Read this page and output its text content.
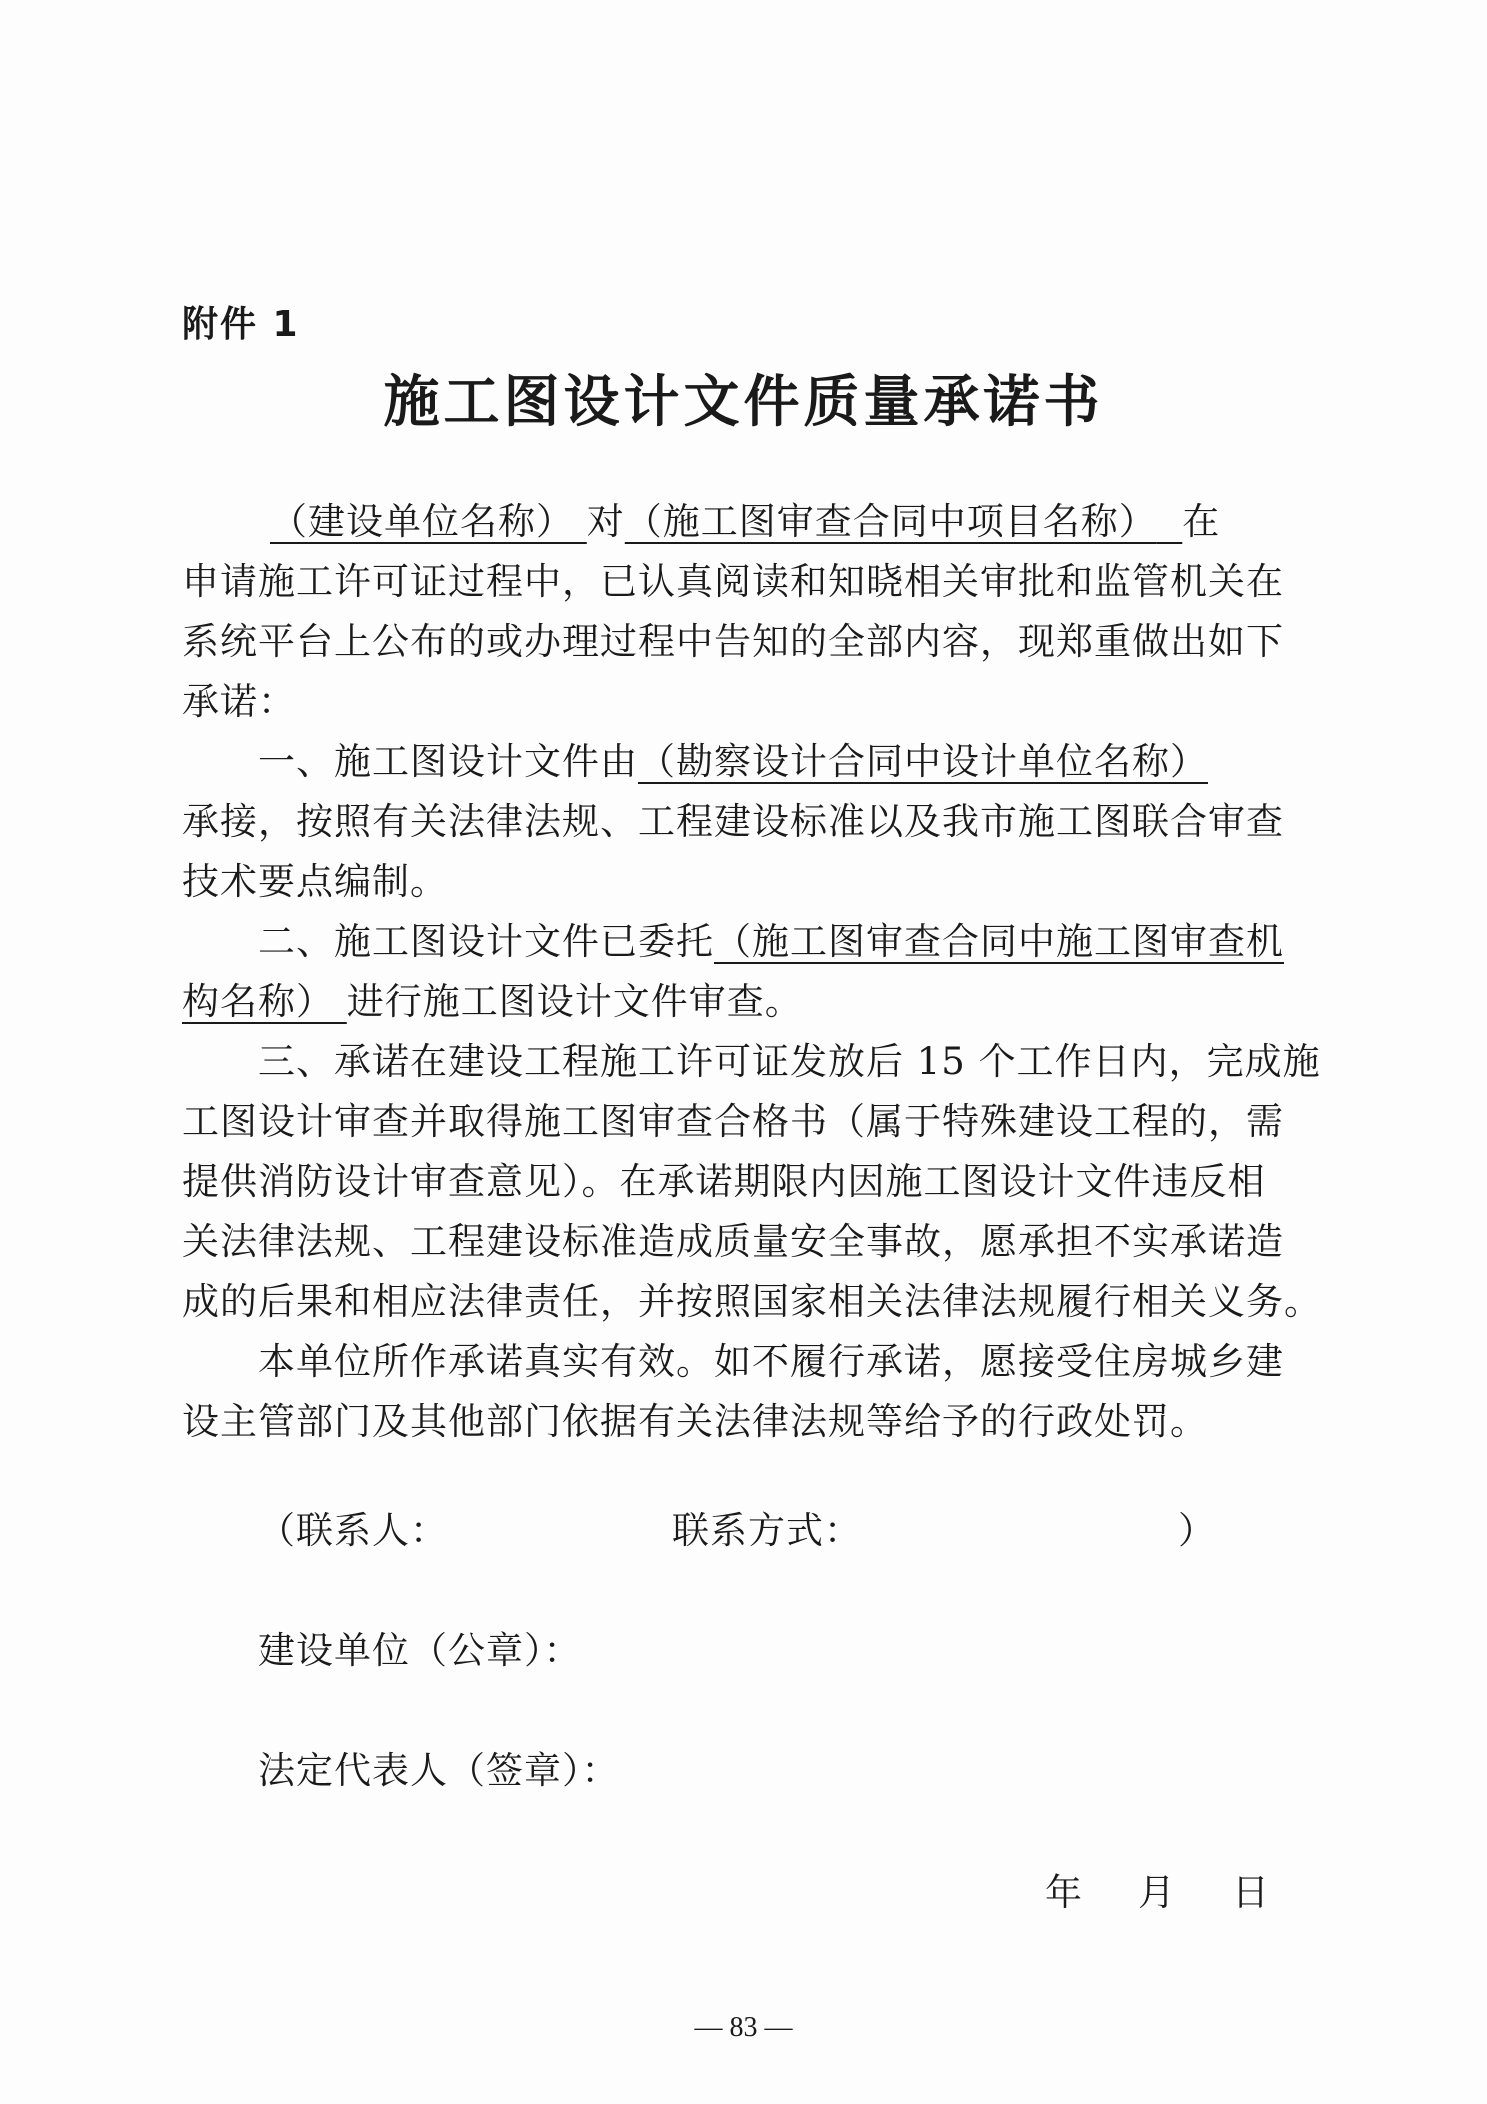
附件 1
施工图设计文件质量承诺书
（建设单位名称） 对（施工图审查合同中项目名称） 在
申请施工许可证过程中，已认真阅读和知晓相关审批和监管机关在
系统平台上公布的或办理过程中告知的全部内容，现郑重做出如下
承诺：
一、施工图设计文件由（勘察设计合同中设计单位名称）
承接，按照有关法律法规、工程建设标准以及我市施工图联合审查
技术要点编制。
二、施工图设计文件已委托（施工图审查合同中施工图审查机
构名称） 进行施工图设计文件审查。
三、承诺在建设工程施工许可证发放后 15 个工作日内，完成施
工图设计审查并取得施工图审查合格书（属于特殊建设工程的，需
提供消防设计审查意见）。在承诺期限内因施工图设计文件违反相
关法律法规、工程建设标准造成质量安全事故，愿承担不实承诺造
成的后果和相应法律责任，并按照国家相关法律法规履行相关义务。
本单位所作承诺真实有效。如不履行承诺，愿接受住房城乡建
设主管部门及其他部门依据有关法律法规等给予的行政处罚。
（联系人：	联系方式：	）
建设单位（公章）：
法定代表人（签章）：
年 月 日
— 83 —
